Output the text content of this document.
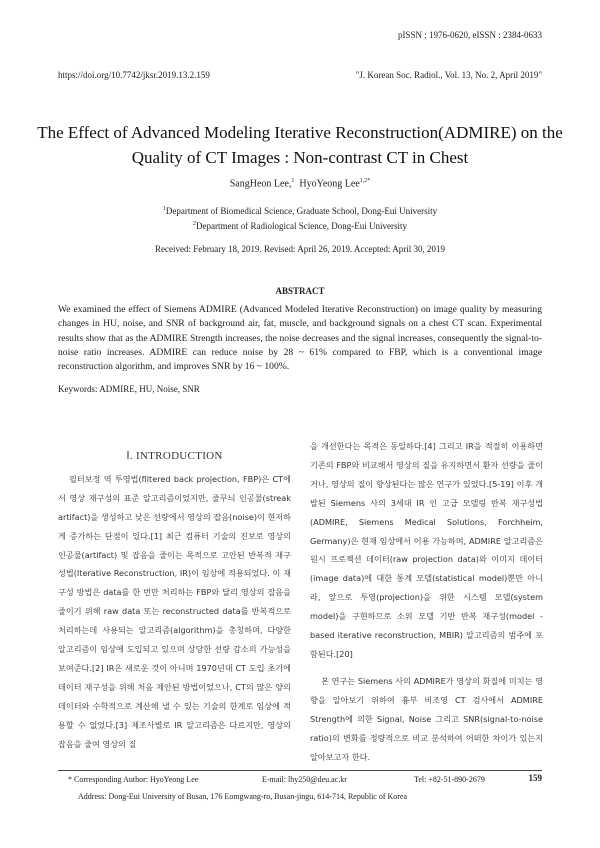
pISSN : 1976-0620, eISSN : 2384-0633
https://doi.org/10.7742/jksr.2019.13.2.159	"J. Korean Soc. Radiol., Vol. 13, No. 2, April 2019"
The Effect of Advanced Modeling Iterative Reconstruction(ADMIRE) on the Quality of CT Images : Non-contrast CT in Chest
SangHeon Lee,$^1$ HyoYeong Lee$^{1,2*}$
$^1$Department of Biomedical Science, Graduate School, Dong-Eui University
$^2$Department of Radiological Science, Dong-Eui University
Received: February 18, 2019. Revised: April 26, 2019. Accepted: April 30, 2019
ABSTRACT
We examined the effect of Siemens ADMIRE (Advanced Modeled Iterative Reconstruction) on image quality by measuring changes in HU, noise, and SNR of background air, fat, muscle, and background signals on a chest CT scan. Experimental results show that as the ADMIRE Strength increases, the noise decreases and the signal increases, consequently the signal-to-noise ratio increases. ADMIRE can reduce noise by 28 ~ 61% compared to FBP, which is a conventional image reconstruction algorithm, and improves SNR by 16 ~ 100%.
Keywords: ADMIRE, HU, Noise, SNR
Ⅰ. INTRODUCTION

필터보정 역 투영법(filtered back projection, FBP)은 CT에서 영상 재구성의 표준 알고리즘이었지만, 줄무늬 인공물(streak artifact)을 생성하고 낮은 선량에서 영상의 잡음(noise)이 현저하게 증가하는 단점이 있다.[1] 최근 컴퓨터 기술의 진보로 영상의 인공물(artifact) 및 잡음을 줄이는 목적으로 고안된 반복적 재구성법(Iterative Reconstruction, IR)이 임상에 적용되었다. 이 재구성 방법은 data를 한 번만 처리하는 FBP와 달리 영상의 잡음을 줄이기 위해 raw data 또는 reconstructed data를 반복적으로 처리하는데 사용되는 알고리즘(algorithm)을 총칭하며, 다양한 알고리즘이 임상에 도입되고 있으며 상당한 선량 감소의 가능성을 보여준다.[2] IR은 새로운 것이 아니며 1970년대 CT 도입 초기에 데이터 재구성을 위해 처음 제안된 방법이었으나, CT의 많은 양의 데이터와 수학적으로 계산해 낼 수 있는 기술의 한계로 임상에 적용할 수 없었다.[3] 제조사별로 IR 알고리즘은 다르지만, 영상의 잡음을 줄여 영상의 질

을 개선한다는 목적은 동일하다.[4] 그리고 IR을 적절히 이용하면 기존의 FBP와 비교해서 영상의 질을 유지하면서 환자 선량을 줄이거나, 영상의 질이 향상된다는 많은 연구가 있었다.[5-19] 이후 개발된 Siemens 사의 3세대 IR 인 고급 모델링 반복 재구성법(ADMIRE, Siemens Medical Solutions, Forchheim, Germany)은 현재 임상에서 이용 가능하며, ADMIRE 알고리즘은 원시 프로젝션 데이터(raw projection data)와 이미지 데이터(image data)에 대한 통계 모델(statistical model)뿐만 아니라, 앞으로 투영(projection)을 위한 시스템 모델(system model)을 구현하므로 소위 모델 기반 반복 재구성(model - based iterative reconstruction, MBIR) 알고리즘의 범주에 포함된다.[20]

본 연구는 Siemens 사의 ADMIRE가 영상의 화질에 미치는 영향을 알아보기 위하여 흉부 비조영 CT 검사에서 ADMIRE Strength에 의한 Signal, Noise 그리고 SNR(signal-to-noise ratio)의 변화를 정량적으로 비교 분석하여 어떠한 차이가 있는지 알아보고자 한다.

* Corresponding Author: HyoYeong Lee	E-mail: lhy250@deu.ac.kr	Tel: +82-51-890-2679
Address: Dong-Eui University of Busan, 176 Eomgwang-ro, Busan-jingu, 614-714, Republic of Korea
159
